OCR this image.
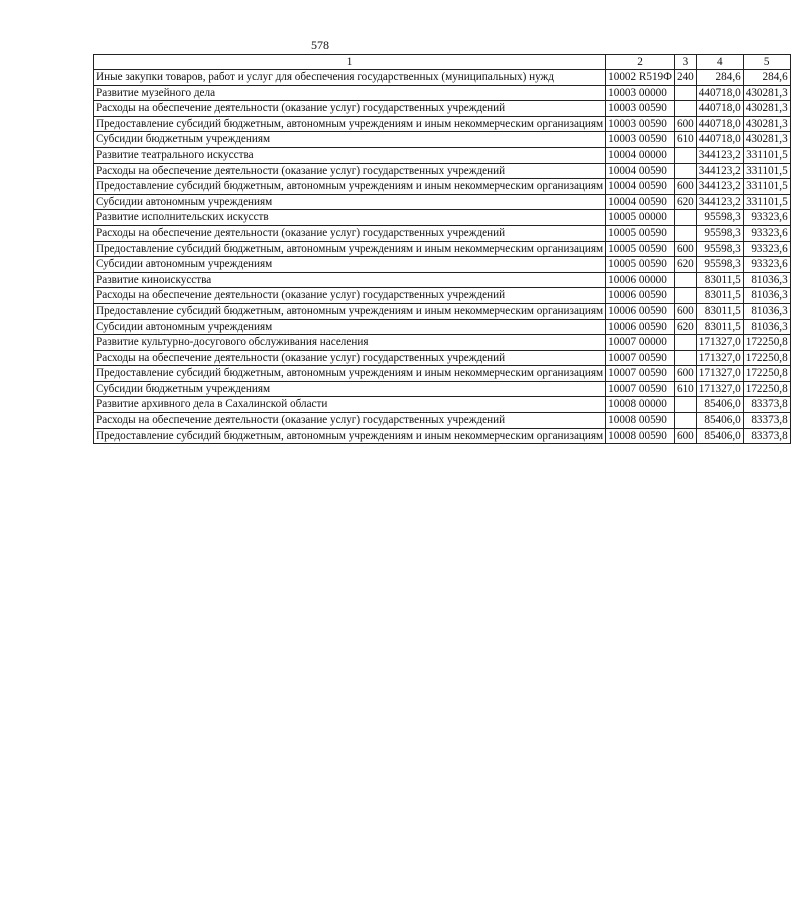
578
1	2	3	4	5
Иные закупки товаров, работ и услуг для обеспечения государственных (муниципальных) нужд	10002 R519Ф	240	284,6	284,6
Развитие музейного дела	10003 00000		440718,0	430281,3
Расходы на обеспечение деятельности (оказание услуг) государственных учреждений	10003 00590		440718,0	430281,3
Предоставление субсидий бюджетным, автономным учреждениям и иным некоммерческим организациям	10003 00590	600	440718,0	430281,3
Субсидии бюджетным учреждениям	10003 00590	610	440718,0	430281,3
Развитие театрального искусства	10004 00000		344123,2	331101,5
Расходы на обеспечение деятельности (оказание услуг) государственных учреждений	10004 00590		344123,2	331101,5
Предоставление субсидий бюджетным, автономным учреждениям и иным некоммерческим организациям	10004 00590	600	344123,2	331101,5
Субсидии автономным учреждениям	10004 00590	620	344123,2	331101,5
Развитие исполнительских искусств	10005 00000		95598,3	93323,6
Расходы на обеспечение деятельности (оказание услуг) государственных учреждений	10005 00590		95598,3	93323,6
Предоставление субсидий бюджетным, автономным учреждениям и иным некоммерческим организациям	10005 00590	600	95598,3	93323,6
Субсидии автономным учреждениям	10005 00590	620	95598,3	93323,6
Развитие киноискусства	10006 00000		83011,5	81036,3
Расходы на обеспечение деятельности (оказание услуг) государственных учреждений	10006 00590		83011,5	81036,3
Предоставление субсидий бюджетным, автономным учреждениям и иным некоммерческим организациям	10006 00590	600	83011,5	81036,3
Субсидии автономным учреждениям	10006 00590	620	83011,5	81036,3
Развитие культурно-досугового обслуживания населения	10007 00000		171327,0	172250,8
Расходы на обеспечение деятельности (оказание услуг) государственных учреждений	10007 00590		171327,0	172250,8
Предоставление субсидий бюджетным, автономным учреждениям и иным некоммерческим организациям	10007 00590	600	171327,0	172250,8
Субсидии бюджетным учреждениям	10007 00590	610	171327,0	172250,8
Развитие архивного дела в Сахалинской области	10008 00000		85406,0	83373,8
Расходы на обеспечение деятельности (оказание услуг) государственных учреждений	10008 00590		85406,0	83373,8
Предоставление субсидий бюджетным, автономным учреждениям и иным некоммерческим организациям	10008 00590	600	85406,0	83373,8
